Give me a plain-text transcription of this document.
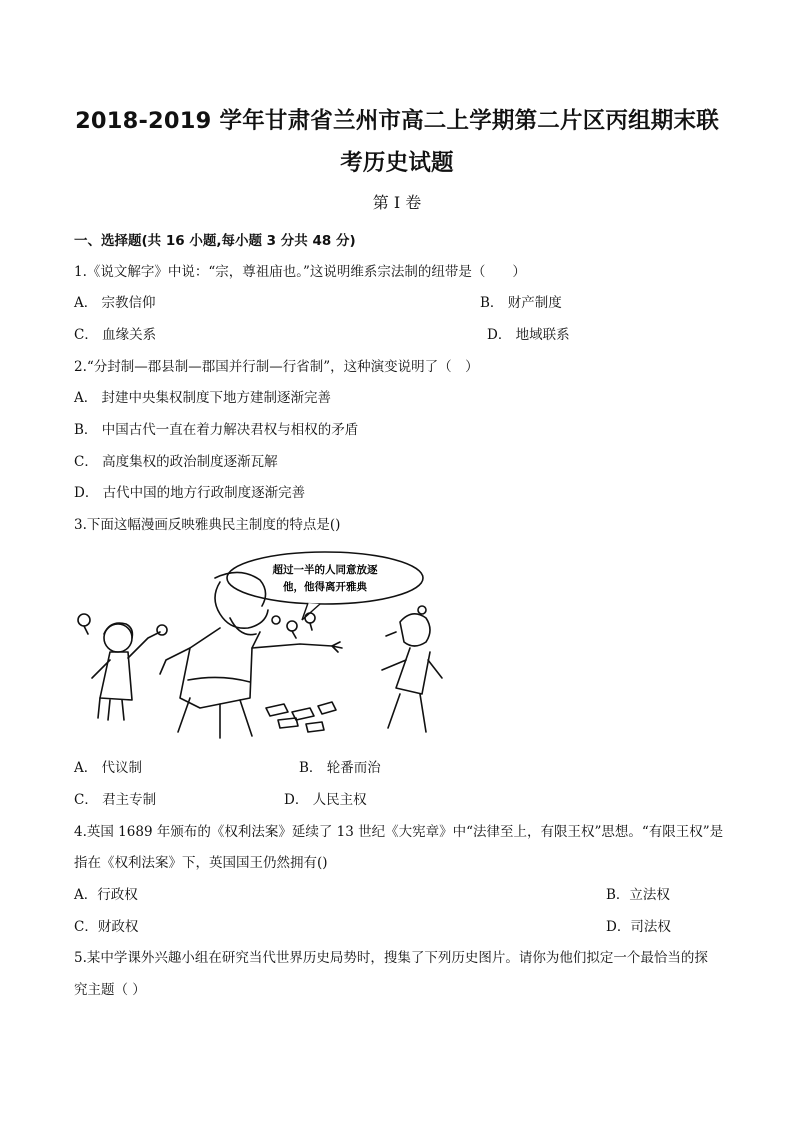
2018-2019 学年甘肃省兰州市高二上学期第二片区丙组期末联
考历史试题
第 I 卷
一、选择题(共 16 小题,每小题 3 分共 48 分)
1.《说文解字》中说：“宗，尊祖庙也。”这说明维系宗法制的纽带是（　　）
A． 宗教信仰	B． 财产制度
C． 血缘关系	D． 地域联系
2.“分封制—郡县制—郡国并行制—行省制”，这种演变说明了（　）
A． 封建中央集权制度下地方建制逐渐完善
B． 中国古代一直在着力解决君权与相权的矛盾
C． 高度集权的政治制度逐渐瓦解
D． 古代中国的地方行政制度逐渐完善
3.下面这幅漫画反映雅典民主制度的特点是()
超过一半的人同意放逐
他，他得离开雅典
A． 代议制	B． 轮番而治
C． 君主专制	D． 人民主权
4.英国 1689 年颁布的《权利法案》延续了 13 世纪《大宪章》中“法律至上，有限王权”思想。“有限王权”是
指在《权利法案》下，英国国王仍然拥有()
A．行政权	B．立法权
C．财政权	D．司法权
5.某中学课外兴趣小组在研究当代世界历史局势时，搜集了下列历史图片。请你为他们拟定一个最恰当的探
究主题（ ）
